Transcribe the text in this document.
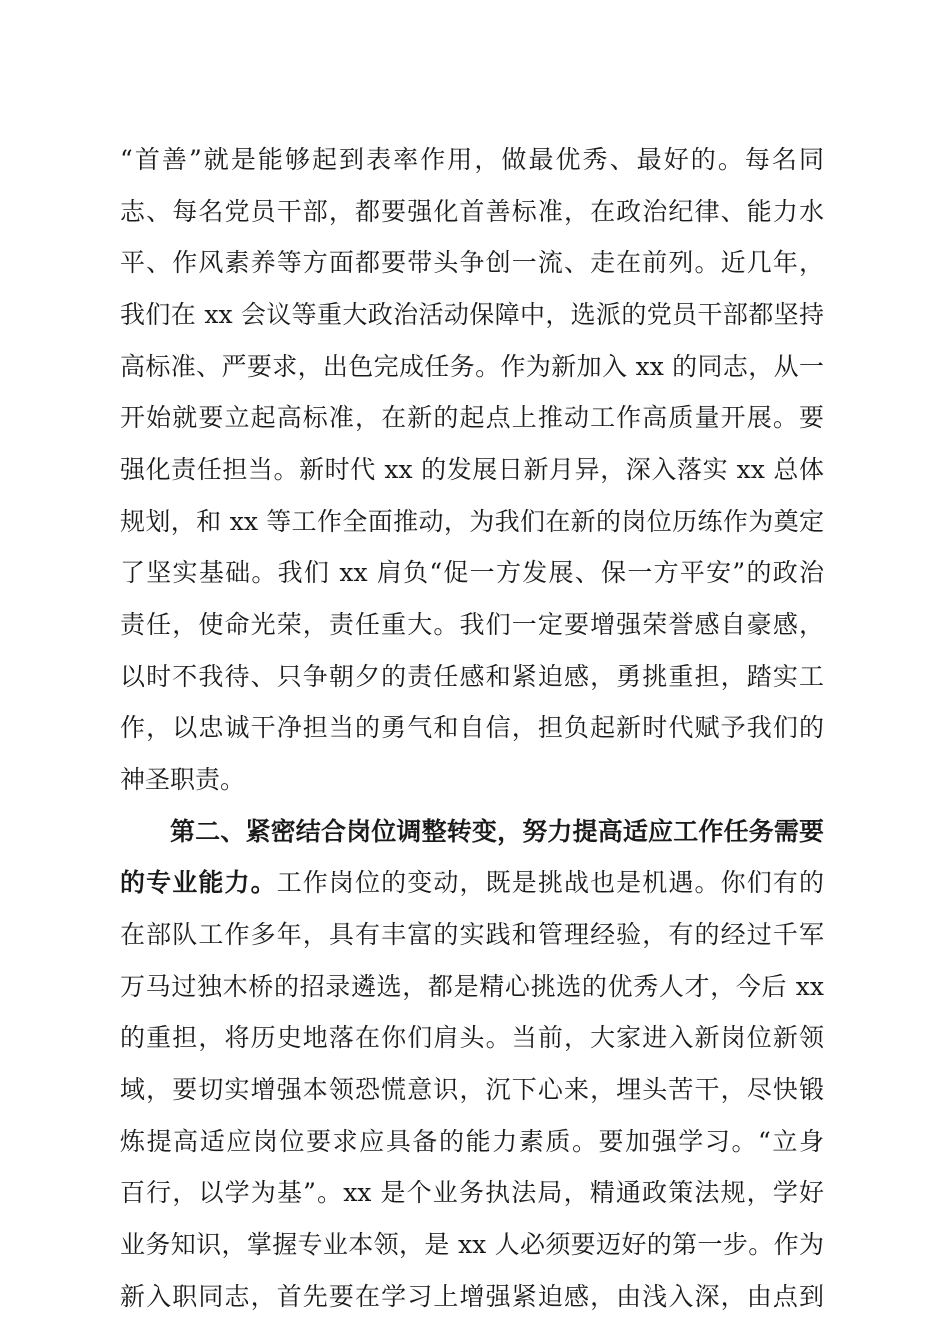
“首善”就是能够起到表率作用，做最优秀、最好的。每名同
志、每名党员干部，都要强化首善标准，在政治纪律、能力水
平、作风素养等方面都要带头争创一流、走在前列。近几年，
我们在 xx 会议等重大政治活动保障中，选派的党员干部都坚持
高标准、严要求，出色完成任务。作为新加入 xx 的同志，从一
开始就要立起高标准，在新的起点上推动工作高质量开展。要
强化责任担当。新时代 xx 的发展日新月异，深入落实 xx 总体
规划，和 xx 等工作全面推动，为我们在新的岗位历练作为奠定
了坚实基础。我们 xx 肩负“促一方发展、保一方平安”的政治
责任，使命光荣，责任重大。我们一定要增强荣誉感自豪感，
以时不我待、只争朝夕的责任感和紧迫感，勇挑重担，踏实工
作，以忠诚干净担当的勇气和自信，担负起新时代赋予我们的
神圣职责。
第二、紧密结合岗位调整转变，努力提高适应工作任务需要
的专业能力。工作岗位的变动，既是挑战也是机遇。你们有的
在部队工作多年，具有丰富的实践和管理经验，有的经过千军
万马过独木桥的招录遴选，都是精心挑选的优秀人才，今后 xx
的重担，将历史地落在你们肩头。当前，大家进入新岗位新领
域，要切实增强本领恐慌意识，沉下心来，埋头苦干，尽快锻
炼提高适应岗位要求应具备的能力素质。要加强学习。“立身
百行，以学为基”。xx 是个业务执法局，精通政策法规，学好
业务知识，掌握专业本领，是 xx 人必须要迈好的第一步。作为
新入职同志，首先要在学习上增强紧迫感，由浅入深，由点到
